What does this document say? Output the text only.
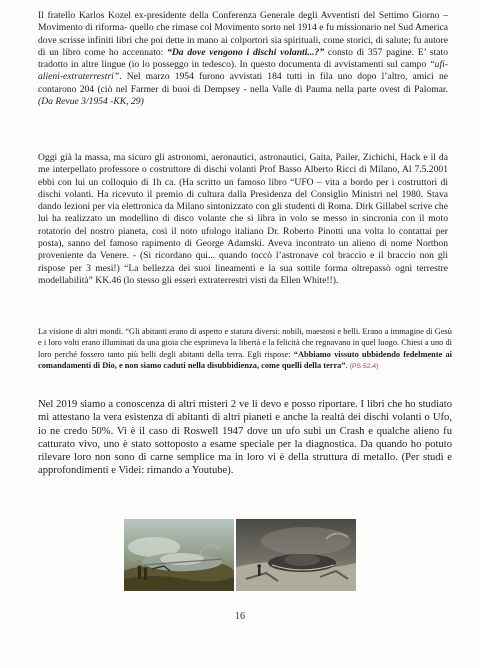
Il fratello Karlos Kozel ex-presidente della Conferenza Generale degli Avventisti del Settimo Giorno – Movimento di riforma- quello che rimase col Movimento sorto nel 1914 e fu missionario nel Sud America dove scrisse infiniti libri che poi dette in mano ai colportori sia spirituali, come storici, di salute; fu autore di un libro come ho accennato: “Da dove vengono i dischi volanti...?” consto di 357 pagine. E’ stato tradotto in altre lingue (io lo posseggo in tedesco). In questo documenta di avvistamenti sul campo “ufi-alieni-extraterrestri”. Nel marzo 1954 furono avvistati 184 tutti in fila uno dopo l’altro, amici ne contarono 204 (ciò nel Farmer di buoi di Dempsey - nella Valle di Pauma nella parte ovest di Palomar. (Da Revue 3/1954 -KK, 29)
Oggi già la massa, ma sicuro gli astronomi, aeronautici, astronautici, Gaita, Pailer, Zichichi, Hack e il da me interpellato professore o costruttore di dischi volanti Prof Basso Alberto Ricci di Milano, Al 7.5.2001 ebbi con lui un colloquio di 1h ca. (Ha scritto un famoso libro “UFO – vita a bordo per i costruttori di dischi volanti. Ha ricevuto il premio di cultura dalla Presidenza del Consiglio Ministri nel 1980. Stava dando lezioni per via elettronica da Milano sintonizzato con gli studenti di Roma. Dirk Gillabel scrive che lui ha realizzato un modellino di disco volante che si libra in volo se messo in sincronia con il moto rotatorio del nostro pianeta, così il noto ufologo italiano Dr. Roberto Pinotti una volta lo contattai per posta), sanno del famoso rapimento di George Adamski. Aveva incontrato un alieno di nome Northon proveniente da Venere. - (Si ricordano qui... quando toccò l’astronave col braccio e il braccio non gli rispose per 3 mesi!) “La bellezza dei suoi lineamenti e la sua sottile forma oltrepassò ogni terrestre modellabilità” KK.46 (lo stesso gli esseri extraterrestri visti da Ellen White!!).
La visione di altri mondi. “Gli abitanti erano di aspetto e statura diversi: nobili, maestosi e belli. Erano a immagine di Gesù e i loro volti erano illuminati da una gioia che esprimeva la libertà e la felicità che regnavano in quel luogo. Chiesi a uno di loro perché fossero tanto più belli degli abitanti della terra. Egli rispose: “Abbiamo vissuto ubbidendo fedelmente ai comandamenti di Dio, e non siamo caduti nella disubbidienza, come quelli della terra”. {PS 52.4}
Nel 2019 siamo a conoscenza di altri misteri 2 ve li devo e posso riportare. I libri che ho studiato mi attestano la vera esistenza di abitanti di altri pianeti e anche la realtà dei dischi volanti o Ufo, io ne credo 50%. Vi è il caso di Roswell 1947 dove un ufo subi un Crash e qualche alieno fu catturato vivo, uno è stato sottoposto a esame speciale per la diagnostica. Da quando ho potuto rilevare loro non sono di carne semplice ma in loro vi è della struttura di metallo. (Per studi e approfondimenti e Videi: rimando a Youtube).
16
